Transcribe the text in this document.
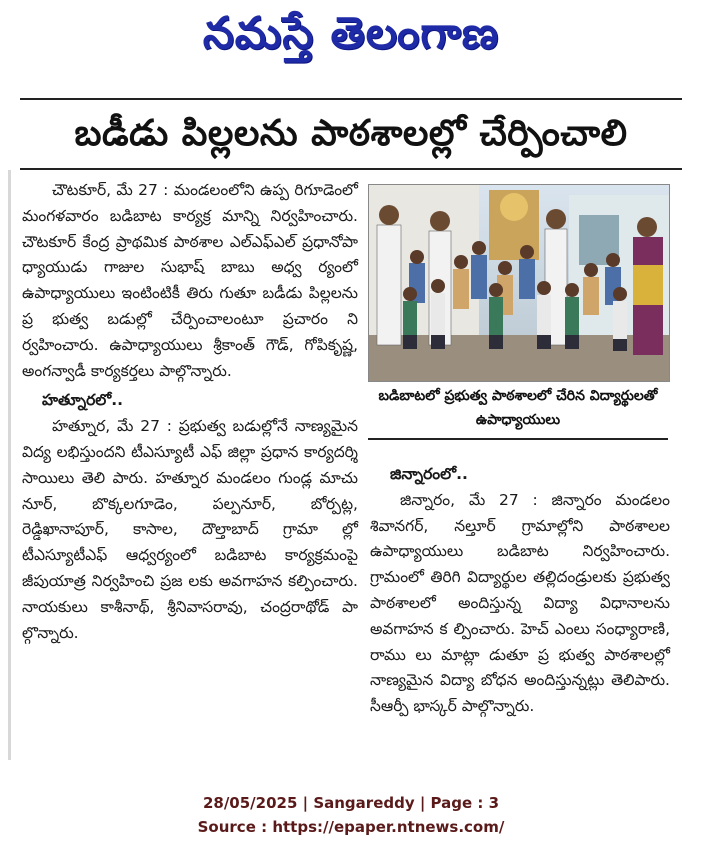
నమస్తే తెలంగాణ
బడీడు పిల్లలను పాఠశాలల్లో చేర్పించాలి

చౌటకూర్, మే 27 : మండలంలోని ఉప్ప రిగూడెంలో మంగళవారం బడిబాట కార్యక్ర మాన్ని నిర్వహించారు. చౌటకూర్ కేంద్ర ప్రాథమిక పాఠశాల ఎల్ఎఫ్ఎల్ ప్రధానోపా ధ్యాయుడు గాజుల సుభాష్ బాబు అధ్వ ర్యంలో ఉపాధ్యాయులు ఇంటింటికీ తిరు గుతూ బడీడు పిల్లలను ప్ర భుత్వ బడుల్లో చేర్పించాలంటూ ప్రచారం ని ర్వహించారు. ఉపాధ్యాయులు శ్రీకాంత్ గౌడ్, గోపికృష్ణ, అంగన్వాడీ కార్యకర్తలు పాల్గొన్నారు.

హత్నూరలో..

హత్నూర, మే 27 : ప్రభుత్వ బడుల్లోనే నాణ్యమైన విద్య లభిస్తుందని టీఎస్యూటీ ఎఫ్ జిల్లా ప్రధాన కార్యదర్శి సాయిలు తెలి పారు. హత్నూర మండలం గుండ్ల మాచు నూర్, బొక్కలగూడెం, పల్పనూర్, బోర్పట్ల, రెడ్డిఖానాపూర్, కాసాల, దౌల్తాబాద్ గ్రామా ల్లో టీఎస్యూటీఎఫ్ ఆధ్వర్యంలో బడిబాట కార్యక్రమంపై జీపుయాత్ర నిర్వహించి ప్రజ లకు అవగాహన కల్పించారు. నాయకులు కాశీనాథ్, శ్రీనివాసరావు, చంద్రరాథోడ్ పా ల్గొన్నారు.

బడిబాటలో ప్రభుత్వ పాఠశాలలో చేరిన విద్యార్థులతో ఉపాధ్యాయులు
జిన్నారంలో..

జిన్నారం, మే 27 : జిన్నారం మండలం శివానగర్, నల్తూర్ గ్రామాల్లోని పాఠశాలల ఉపాధ్యాయులు బడిబాట నిర్వహించారు. గ్రామంలో తిరిగి విద్యార్థుల తల్లిదండ్రులకు ప్రభుత్వ పాఠశాలలో అందిస్తున్న విద్యా విధానాలను అవగాహన క ల్పించారు. హెచ్ ఎంలు సంధ్యారాణి, రాము లు మాట్లా డుతూ ప్ర భుత్వ పాఠశాలల్లో నాణ్యమైన విద్యా బోధన అందిస్తున్నట్లు తెలిపారు. సీఆర్పీ భాస్కర్ పాల్గొన్నారు.

28/05/2025 | Sangareddy | Page : 3
Source : https://epaper.ntnews.com/
